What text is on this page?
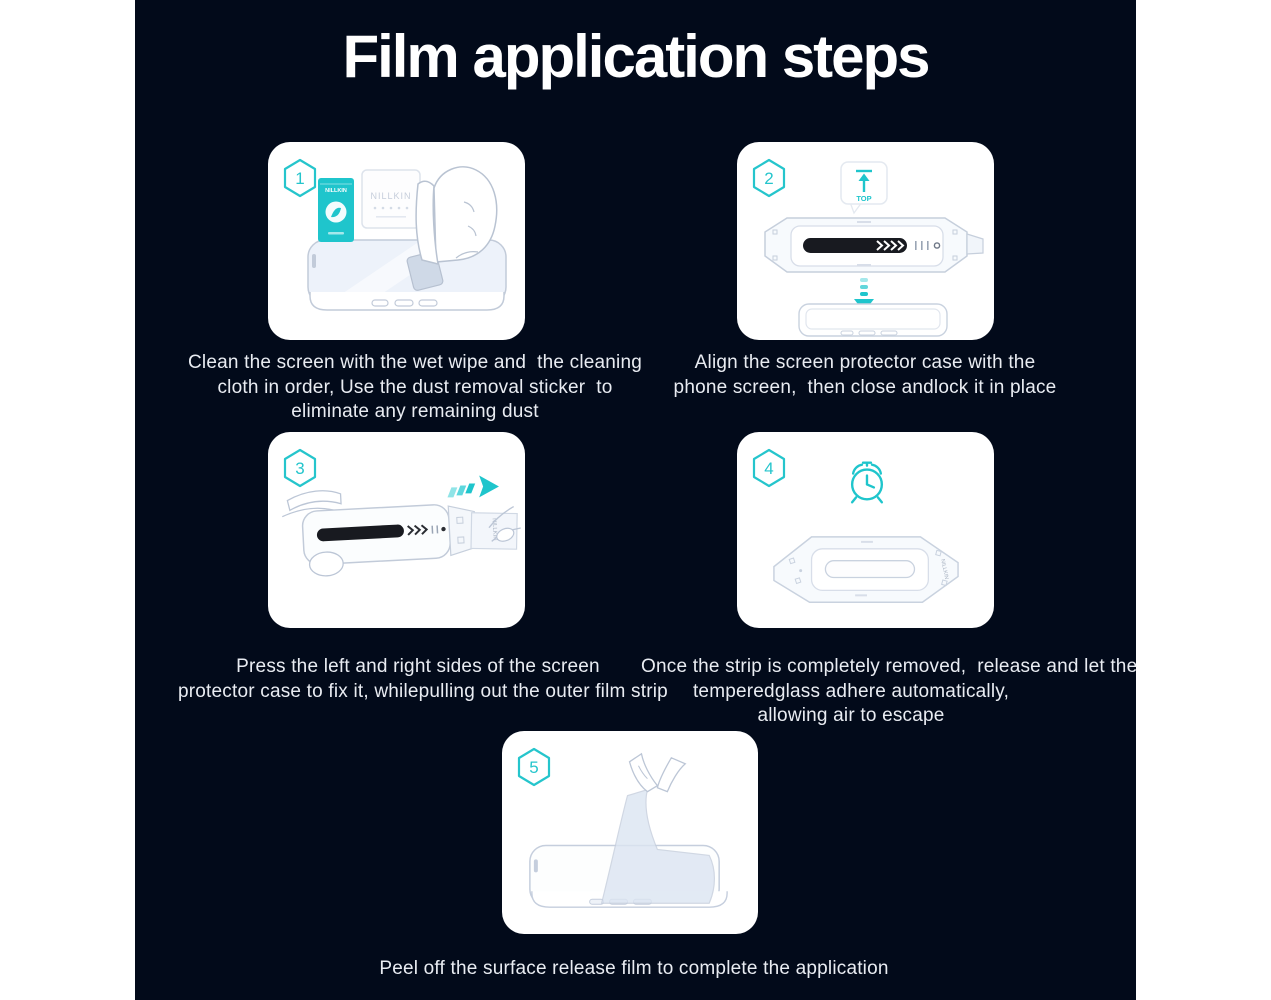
Film application steps
NILLKIN	NILLKIN
1
Clean the screen with the wet wipe and  the cleaning
cloth in order, Use the dust removal sticker  to
eliminate any remaining dust
TOP
2
Align the screen protector case with the
phone screen,  then close andlock it in place
NILLKIN
3
Press the left and right sides of the screen
protector case to fix it, whilepulling out the outer film strip
NILLKIN
4
Once the strip is completely removed,  release and let the
temperedglass adhere automatically,
allowing air to escape
5
Peel off the surface release film to complete the application
